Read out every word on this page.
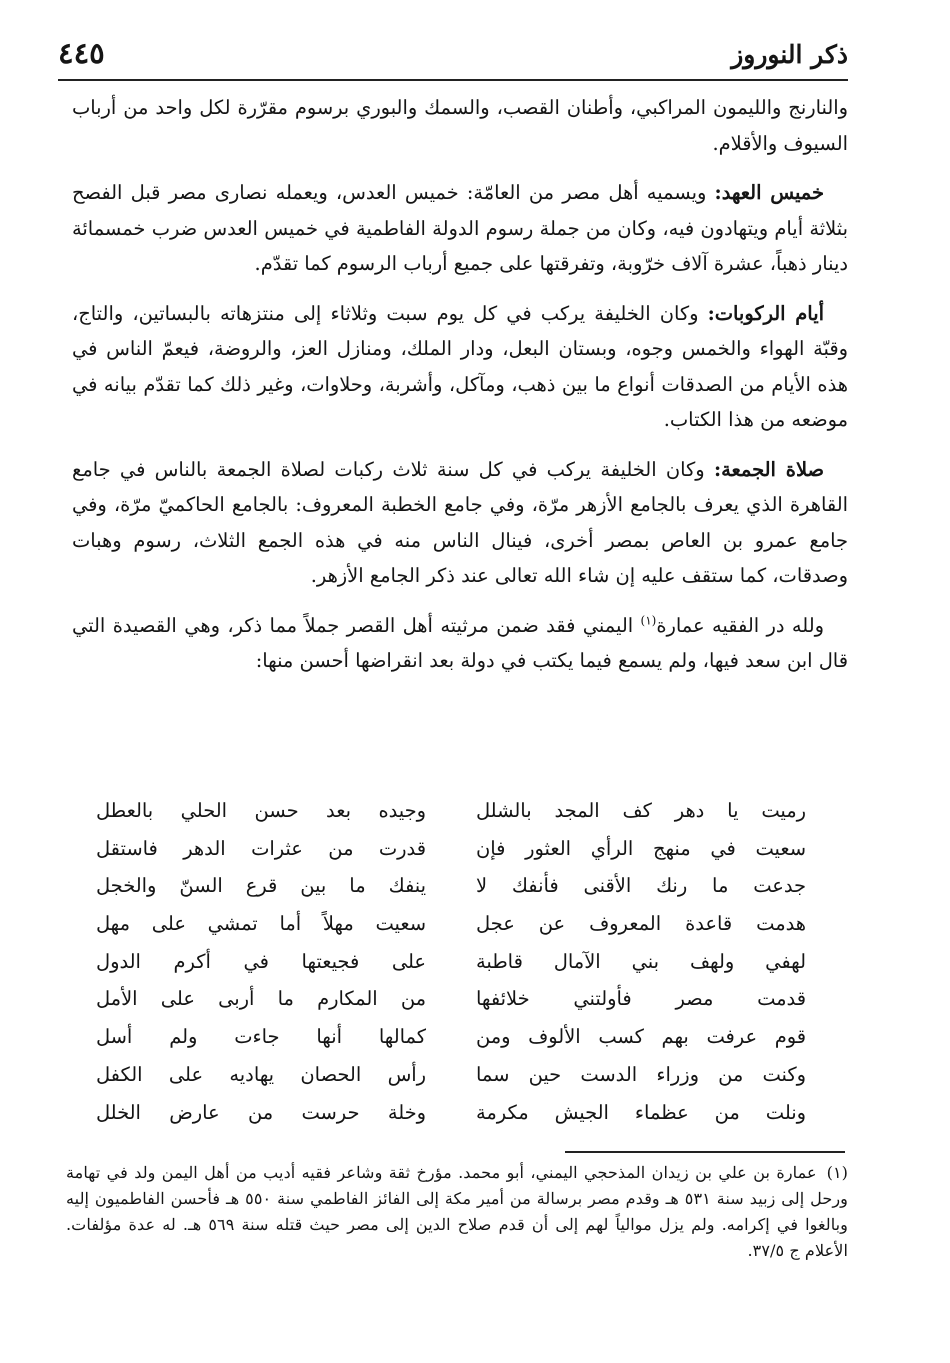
ذكر النوروز
٤٤٥

والنارنج والليمون المراكبي، وأطنان القصب، والسمك والبوري برسوم مقرّرة لكل واحد من أرباب السيوف والأقلام.

خميس العهد: ويسميه أهل مصر من العامّة: خميس العدس، ويعمله نصارى مصر قبل الفصح بثلاثة أيام ويتهادون فيه، وكان من جملة رسوم الدولة الفاطمية في خميس العدس ضرب خمسمائة دينار ذهباً، عشرة آلاف خرّوبة، وتفرقتها على جميع أرباب الرسوم كما تقدّم.

أيام الركوبات: وكان الخليفة يركب في كل يوم سبت وثلاثاء إلى منتزهاته بالبساتين، والتاج، وقبّة الهواء والخمس وجوه، وبستان البعل، ودار الملك، ومنازل العز، والروضة، فيعمّ الناس في هذه الأيام من الصدقات أنواع ما بين ذهب، ومآكل، وأشربة، وحلاوات، وغير ذلك كما تقدّم بيانه في موضعه من هذا الكتاب.

صلاة الجمعة: وكان الخليفة يركب في كل سنة ثلاث ركبات لصلاة الجمعة بالناس في جامع القاهرة الذي يعرف بالجامع الأزهر مرّة، وفي جامع الخطبة المعروف: بالجامع الحاكميّ مرّة، وفي جامع عمرو بن العاص بمصر أخرى، فينال الناس منه في هذه الجمع الثلاث، رسوم وهبات وصدقات، كما ستقف عليه إن شاء الله تعالى عند ذكر الجامع الأزهر.

ولله در الفقيه عمارة$^{(١)}$ اليمني فقد ضمن مرثيته أهل القصر جملاً مما ذكر، وهي القصيدة التي قال ابن سعد فيها، ولم يسمع فيما يكتب في دولة بعد انقراضها أحسن منها:

رميت يا دهر كف المجد بالشلل
وجيده بعد حسن الحلي بالعطل
سعيت في منهج الرأي العثور فإن
قدرت من عثرات الدهر فاستقل
جدعت ما رنك الأقنى فأنفك لا
ينفك ما بين قرع السنّ والخجل
هدمت قاعدة المعروف عن عجل
سعيت مهلاً أما تمشي على مهل
لهفي ولهف بني الآمال قاطبة
على فجيعتها في أكرم الدول
قدمت مصر فأولتني خلائفها
من المكارم ما أربى على الأمل
قوم عرفت بهم كسب الألوف ومن
كمالها أنها جاءت ولم أسل
وكنت من وزراء الدست حين سما
رأس الحصان يهاديه على الكفل
ونلت من عظماء الجيش مكرمة
وخلة حرست من عارض الخلل
(١)عمارة بن علي بن زيدان المذحجي اليمني، أبو محمد. مؤرخ ثقة وشاعر فقيه أديب من أهل اليمن ولد في تهامة ورحل إلى زبيد سنة ٥٣١ هـ وقدم مصر برسالة من أمير مكة إلى الفائز الفاطمي سنة ٥٥٠ هـ فأحسن الفاطميون إليه وبالغوا في إكرامه. ولم يزل موالياً لهم إلى أن قدم صلاح الدين إلى مصر حيث قتله سنة ٥٦٩ هـ. له عدة مؤلفات. الأعلام ج ٣٧/٥.
